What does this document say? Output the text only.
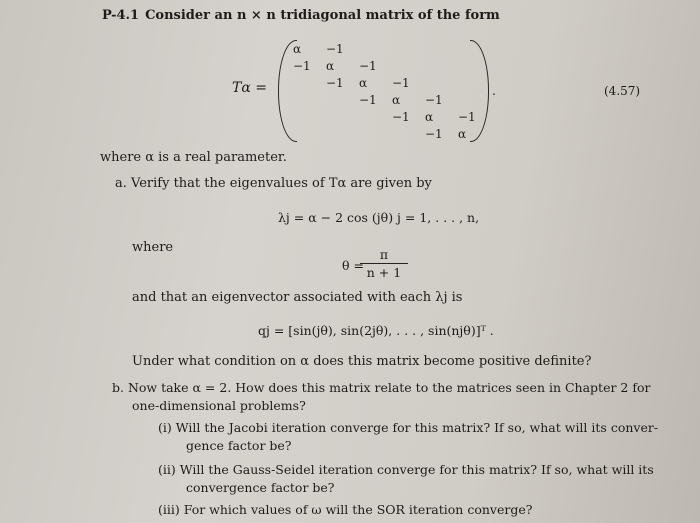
P-4.1 Consider an n × n tridiagonal matrix of the form
Tα =
α −1
−1 α −1
−1 α −1
−1 α −1
−1 α −1
−1 α
.	(4.57)
where α is a real parameter.
a. Verify that the eigenvalues of Tα are given by
λj = α − 2 cos (jθ) j = 1, . . . , n,
where
θ =
$\frac{\pi}{n + 1}$
and that an eigenvector associated with each λj is
qj = [sin(jθ), sin(2jθ), . . . , sin(njθ)]ᵀ .
Under what condition on α does this matrix become positive definite?
b. Now take α = 2. How does this matrix relate to the matrices seen in Chapter 2 for
one-dimensional problems?
(i) Will the Jacobi iteration converge for this matrix? If so, what will its conver-
gence factor be?
(ii) Will the Gauss-Seidel iteration converge for this matrix? If so, what will its
convergence factor be?
(iii) For which values of ω will the SOR iteration converge?
